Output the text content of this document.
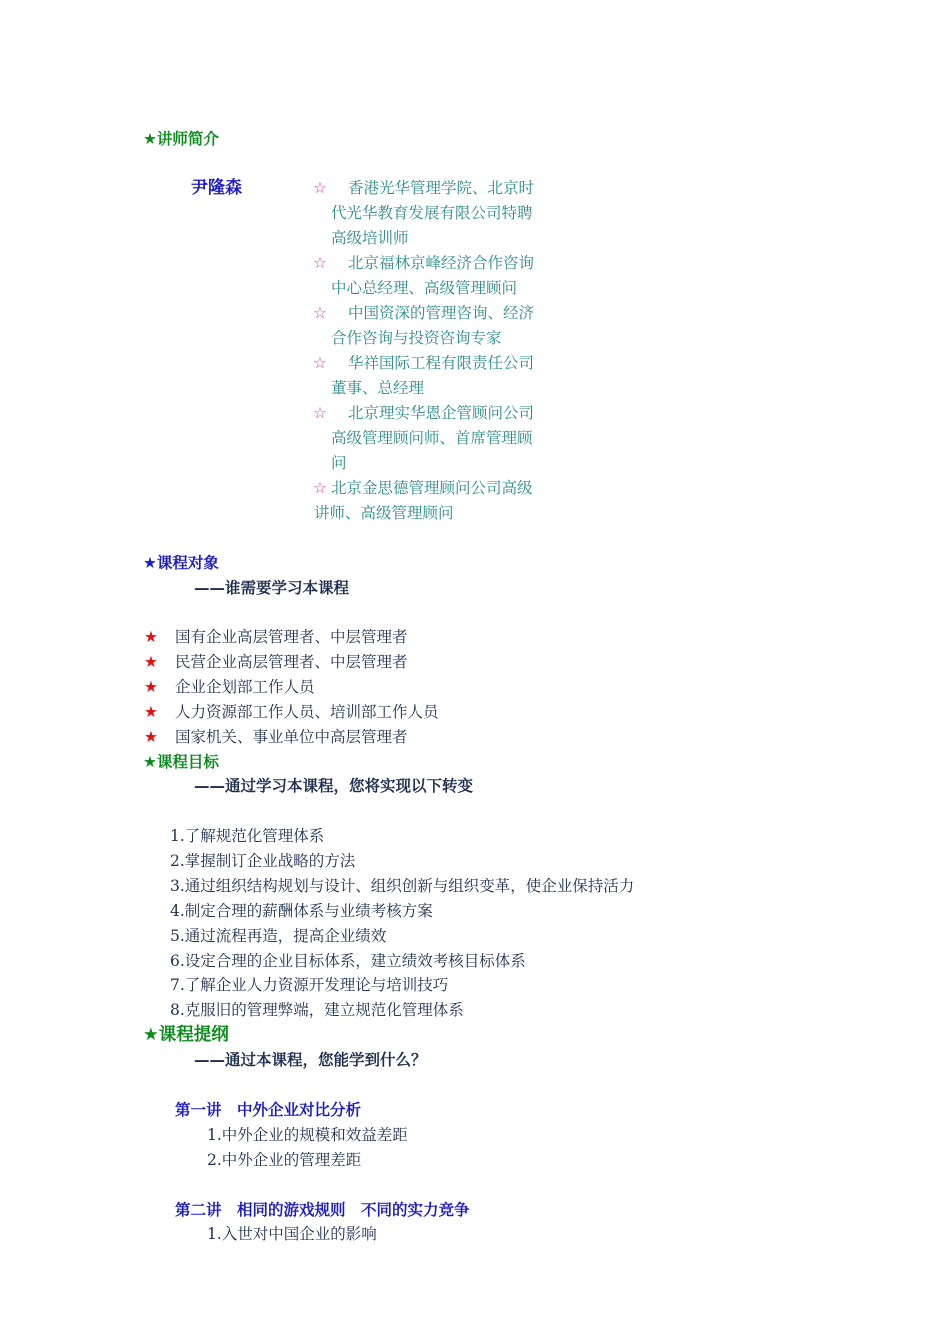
★讲师简介
尹隆森	☆ 香港光华管理学院、北京时
代光华教育发展有限公司特聘
高级培训师
☆ 北京福林京峰经济合作咨询
中心总经理、高级管理顾问
☆ 中国资深的管理咨询、经济
合作咨询与投资咨询专家
☆ 华祥国际工程有限责任公司
董事、总经理
☆ 北京理实华恩企管顾问公司
高级管理顾问师、首席管理顾
问
☆ 北京金思德管理顾问公司高级
讲师、高级管理顾问
★课程对象
——谁需要学习本课程
★ 国有企业高层管理者、中层管理者
★ 民营企业高层管理者、中层管理者
★ 企业企划部工作人员
★ 人力资源部工作人员、培训部工作人员
★ 国家机关、事业单位中高层管理者
★课程目标
——通过学习本课程，您将实现以下转变
1.了解规范化管理体系
2.掌握制订企业战略的方法
3.通过组织结构规划与设计、组织创新与组织变革，使企业保持活力
4.制定合理的薪酬体系与业绩考核方案
5.通过流程再造，提高企业绩效
6.设定合理的企业目标体系，建立绩效考核目标体系
7.了解企业人力资源开发理论与培训技巧
8.克服旧的管理弊端，建立规范化管理体系
★课程提纲
——通过本课程，您能学到什么？
第一讲　中外企业对比分析
1.中外企业的规模和效益差距
2.中外企业的管理差距
第二讲　相同的游戏规则　不同的实力竞争
1.入世对中国企业的影响
